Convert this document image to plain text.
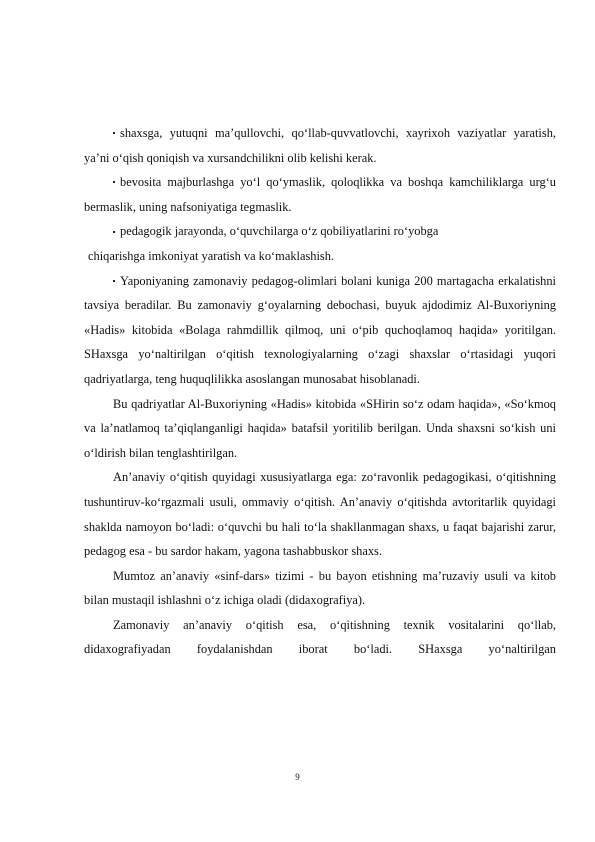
shaxsga, yutuqni ma’qullovchi, qo‘llab-quvvatlovchi, xayrixoh vaziyatlar yaratish, ya’ni o‘qish qoniqish va xursandchilikni olib kelishi kerak.

bevosita majburlashga yo‘l qo‘ymaslik, qoloqlikka va boshqa kamchiliklarga urg‘u bermaslik, uning nafsoniyatiga tegmaslik.

pedagogik jarayonda, o‘quvchilarga o‘z qobiliyatlarini ro‘yobga

chiqarishga imkoniyat yaratish va ko‘maklashish.

Yaponiyaning zamonaviy pedagog-olimlari bolani kuniga 200 martagacha erkalatishni tavsiya beradilar. Bu zamonaviy g‘oyalarning debochasi, buyuk ajdodimiz Al-Buxoriyning «Hadis» kitobida «Bolaga rahmdillik qilmoq, uni o‘pib quchoqlamoq haqida» yoritilgan. SHaxsga yo‘naltirilgan o‘qitish texnologiyalarning o‘zagi shaxslar o‘rtasidagi yuqori qadriyatlarga, teng huquqlilikka asoslangan munosabat hisoblanadi.

Bu qadriyatlar Al-Buxoriyning «Hadis» kitobida «SHirin so‘z odam haqida», «So‘kmoq va la’natlamoq ta’qiqlanganligi haqida» batafsil yoritilib berilgan. Unda shaxsni so‘kish uni o‘ldirish bilan tenglashtirilgan.

An’anaviy o‘qitish quyidagi xususiyatlarga ega: zo‘ravonlik pedagogikasi, o‘qitishning tushuntiruv-ko‘rgazmali usuli, ommaviy o‘qitish. An’anaviy o‘qitishda avtoritarlik quyidagi shaklda namoyon bo‘ladi: o‘quvchi bu hali to‘la shakllanmagan shaxs, u faqat bajarishi zarur, pedagog esa - bu sardor hakam, yagona tashabbuskor shaxs.

Mumtoz an’anaviy «sinf-dars» tizimi - bu bayon etishning ma’ruzaviy usuli va kitob bilan mustaqil ishlashni o‘z ichiga oladi (didaxografiya).

Zamonaviy an’anaviy o‘qitish esa, o‘qitishning texnik vositalarini qo‘llab, didaxografiyadan foydalanishdan iborat bo‘ladi. SHaxsga yo‘naltirilgan

9
